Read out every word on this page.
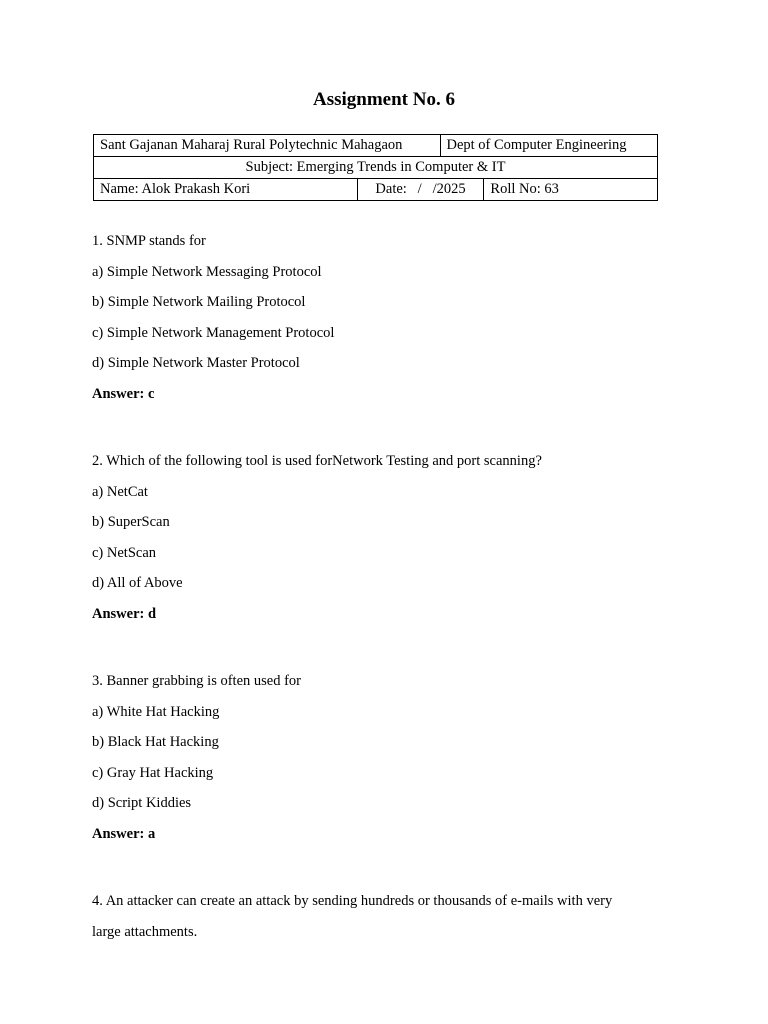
Assignment No. 6
Sant Gajanan Maharaj Rural Polytechnic Mahagaon		Dept of Computer Engineering	
Subject: Emerging Trends in Computer & IT			
Name: Alok Prakash Kori	Date:   /   /2025		Roll No: 63
1. SNMP stands for
a) Simple Network Messaging Protocol
b) Simple Network Mailing Protocol
c) Simple Network Management Protocol
d) Simple Network Master Protocol
Answer: c
2. Which of the following tool is used forNetwork Testing and port scanning?
a) NetCat
b) SuperScan
c) NetScan
d) All of Above
Answer: d
3. Banner grabbing is often used for
a) White Hat Hacking
b) Black Hat Hacking
c) Gray Hat Hacking
d) Script Kiddies
Answer: a
4. An attacker can create an attack by sending hundreds or thousands of e-mails with very
large attachments.
